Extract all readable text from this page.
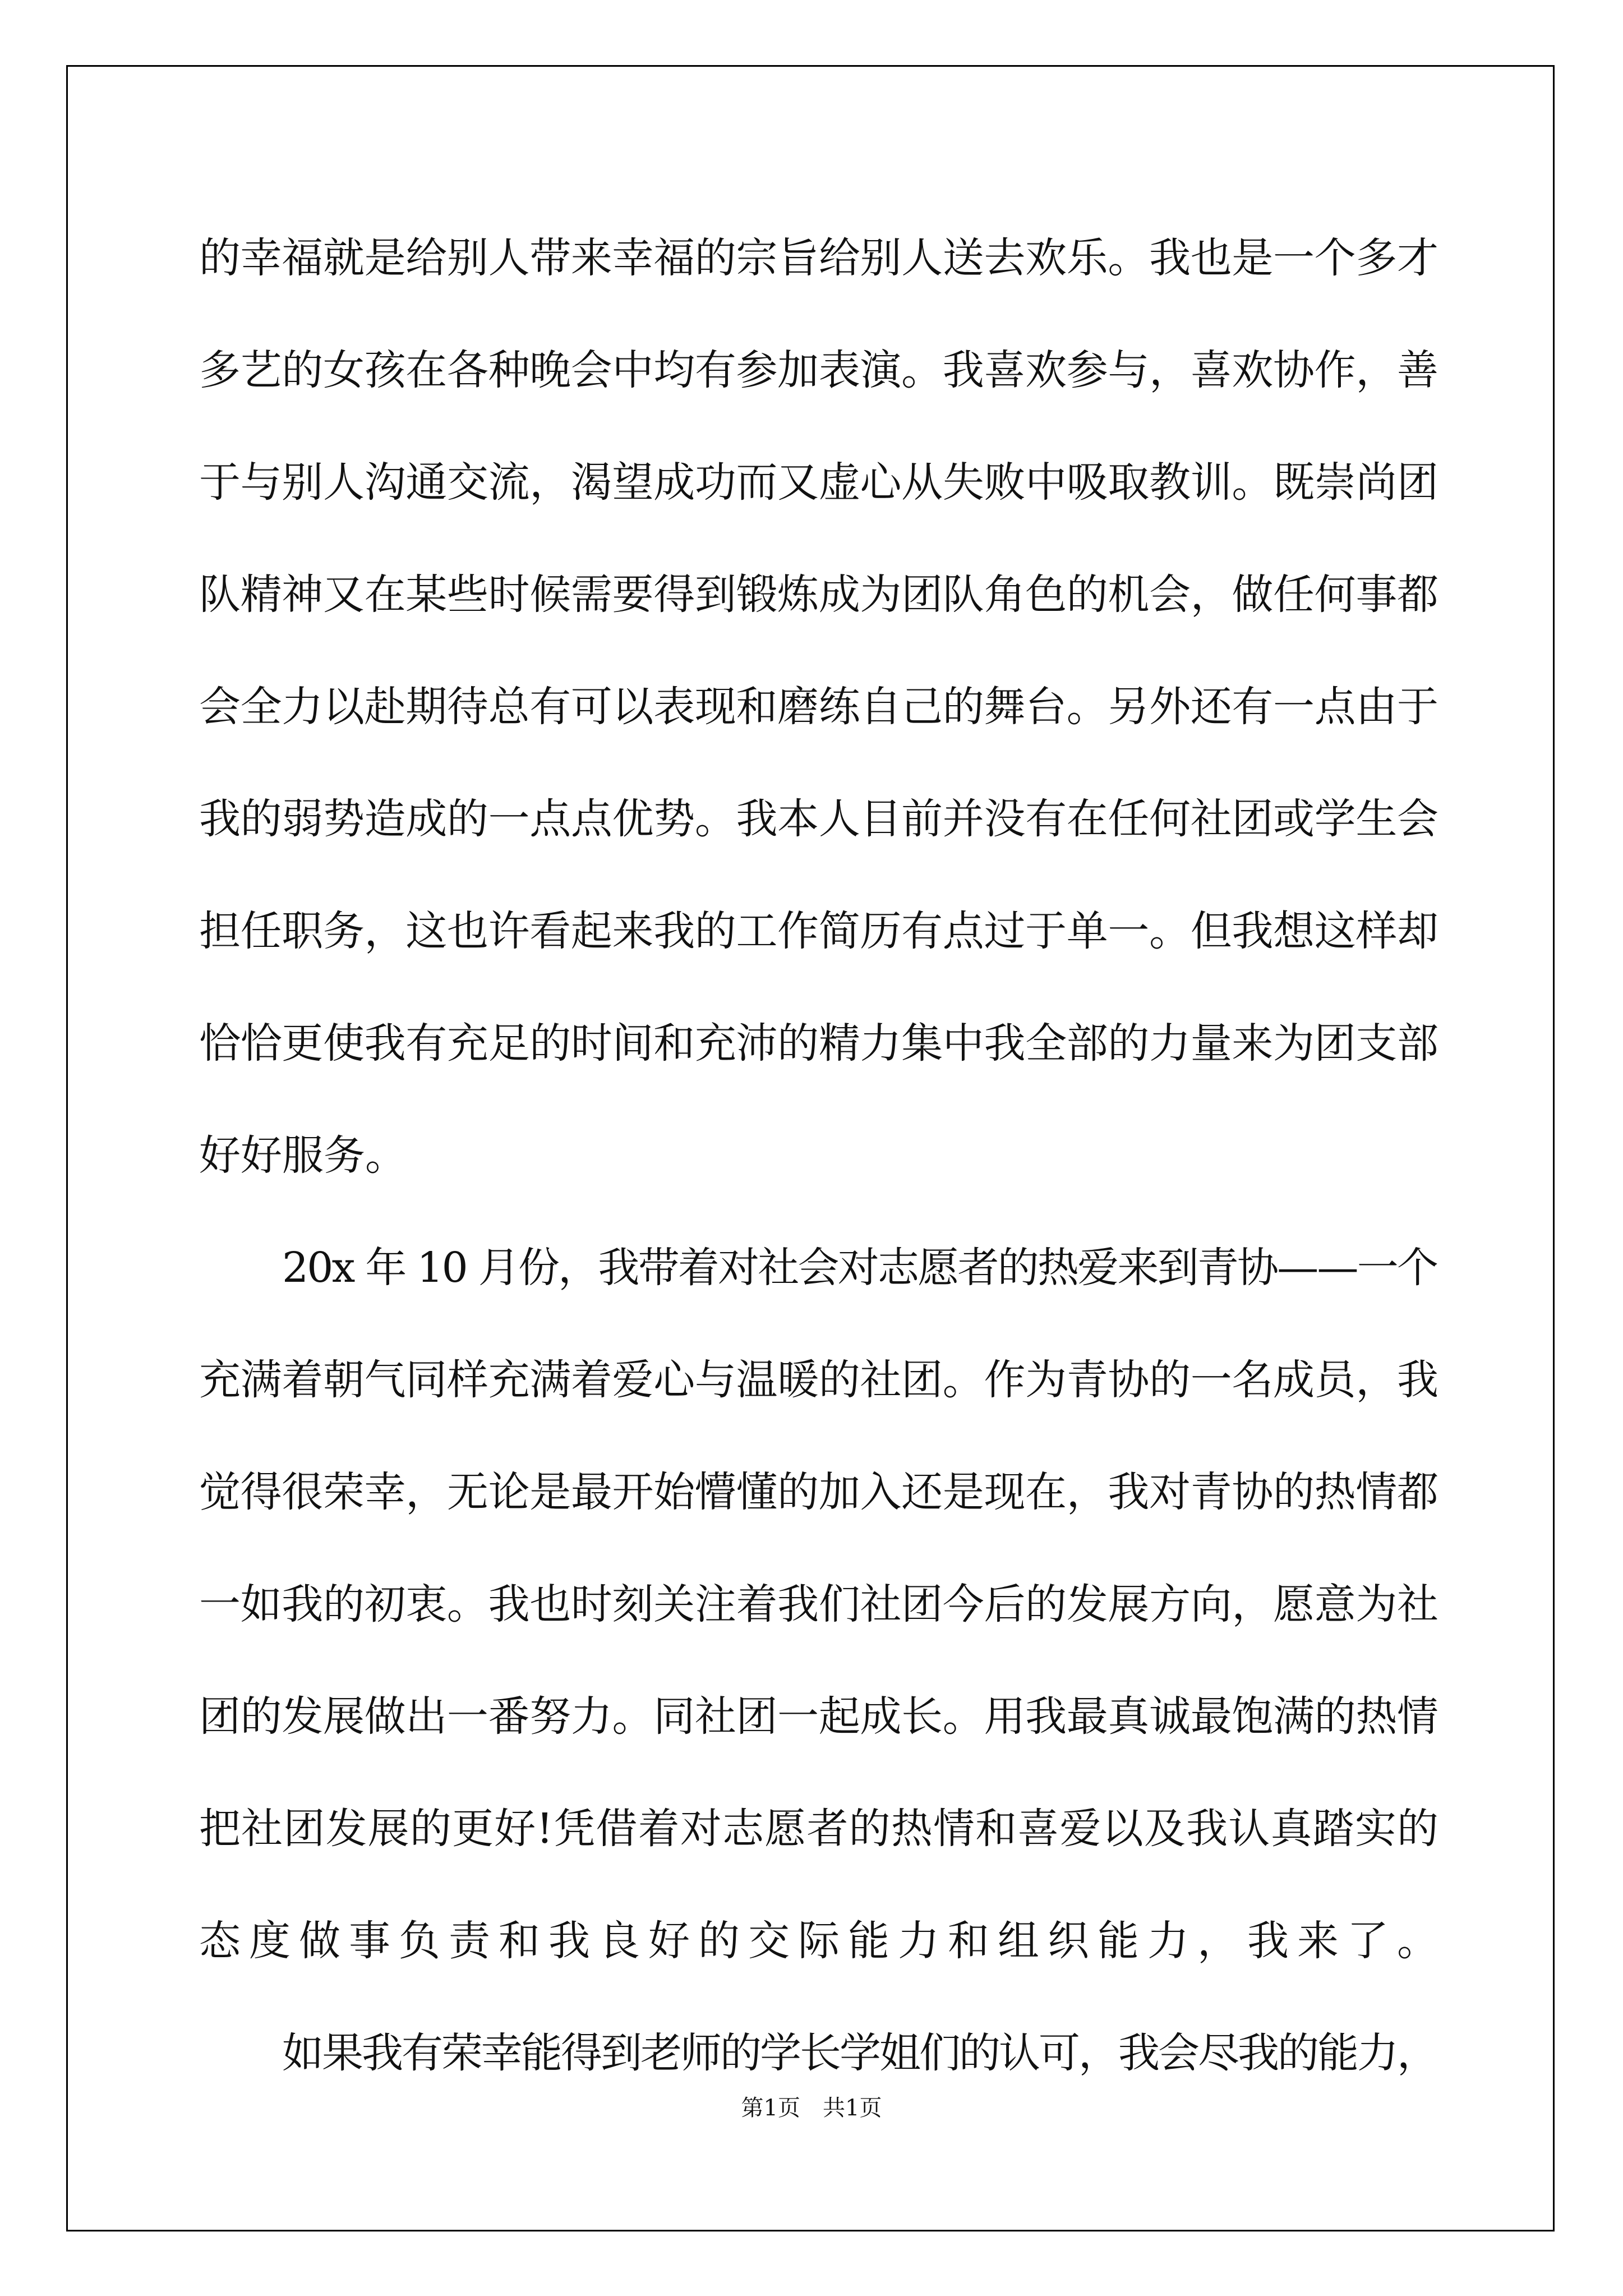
的幸福就是给别人带来幸福的宗旨给别人送去欢乐。我也是一个多才
多艺的女孩在各种晚会中均有参加表演。我喜欢参与，喜欢协作，善
于与别人沟通交流，渴望成功而又虚心从失败中吸取教训。既崇尚团
队精神又在某些时候需要得到锻炼成为团队角色的机会，做任何事都
会全力以赴期待总有可以表现和磨练自己的舞台。另外还有一点由于
我的弱势造成的一点点优势。我本人目前并没有在任何社团或学生会
担任职务，这也许看起来我的工作简历有点过于单一。但我想这样却
恰恰更使我有充足的时间和充沛的精力集中我全部的力量来为团支部
好好服务。
20x 年 10 月份，我带着对社会对志愿者的热爱来到青协——一个
充满着朝气同样充满着爱心与温暖的社团。作为青协的一名成员，我
觉得很荣幸，无论是最开始懵懂的加入还是现在，我对青协的热情都
一如我的初衷。我也时刻关注着我们社团今后的发展方向，愿意为社
团的发展做出一番努力。同社团一起成长。用我最真诚最饱满的热情
把社团发展的更好!凭借着对志愿者的热情和喜爱以及我认真踏实的
态度做事负责和我良好的交际能力和组织能力，我来了。
如果我有荣幸能得到老师的学长学姐们的认可，我会尽我的能力，
第1页　共1页
